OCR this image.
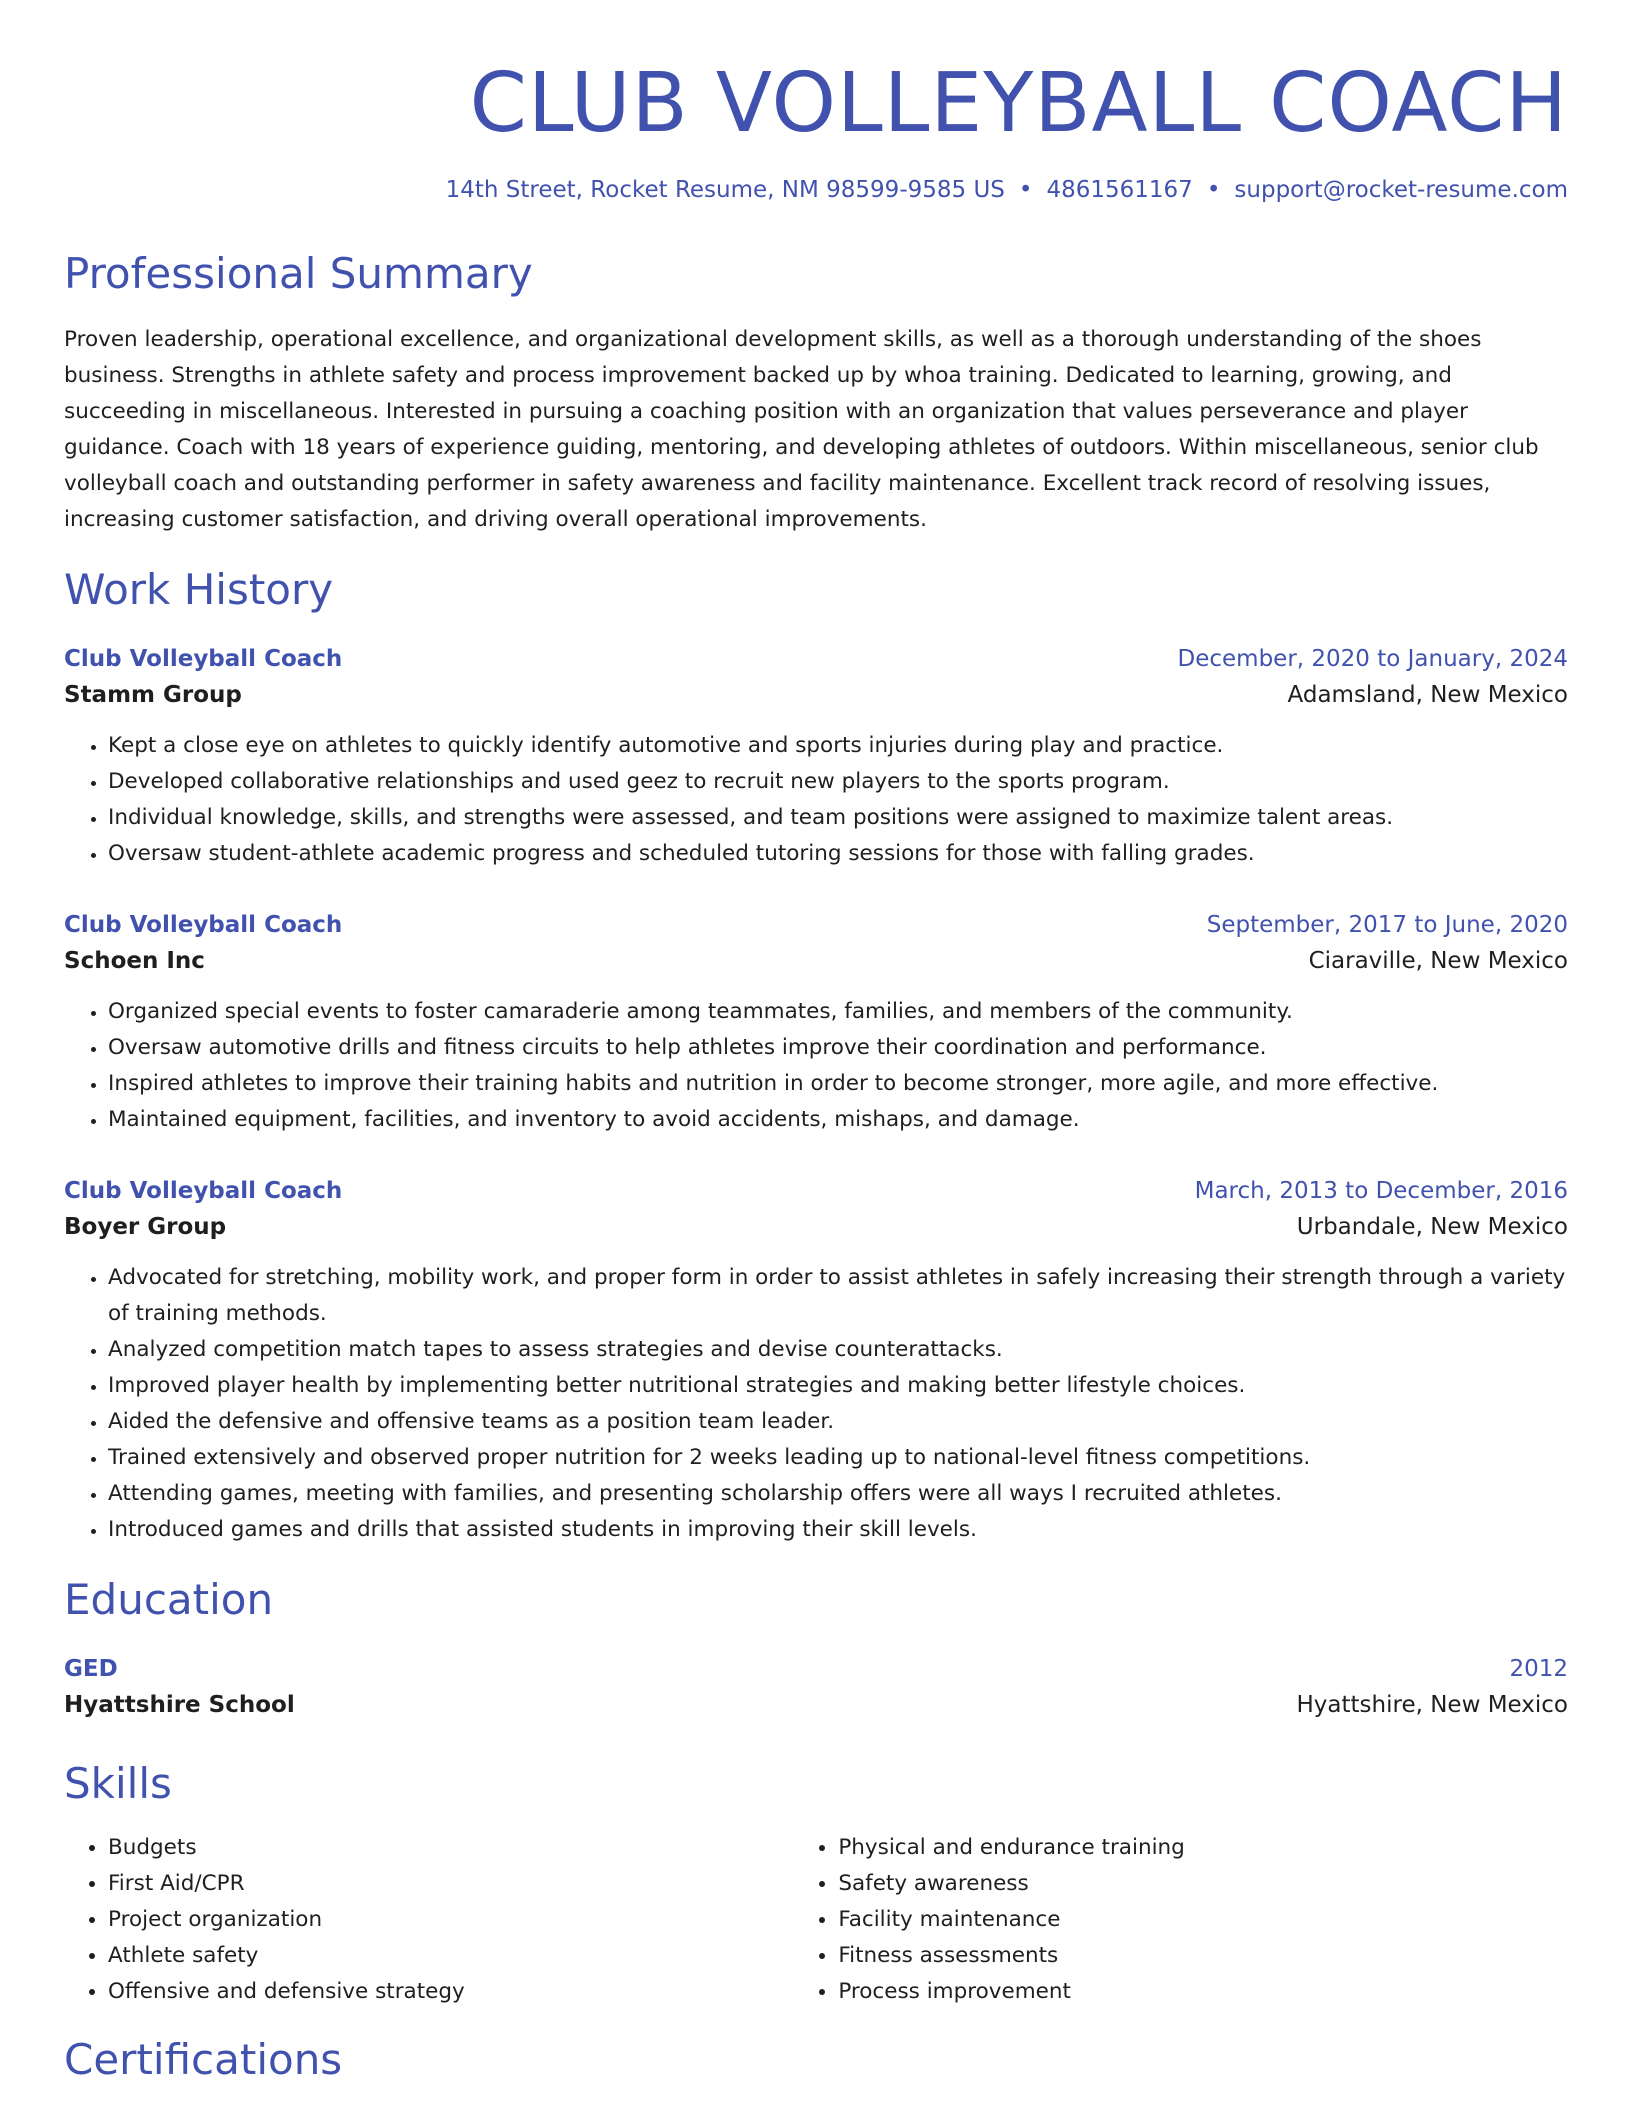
CLUB VOLLEYBALL COACH
14th Street, Rocket Resume, NM 98599-9585 US • 4861561167 • support@rocket-resume.com
Professional Summary
Proven leadership, operational excellence, and organizational development skills, as well as a thorough understanding of the shoes business. Strengths in athlete safety and process improvement backed up by whoa training. Dedicated to learning, growing, and succeeding in miscellaneous. Interested in pursuing a coaching position with an organization that values perseverance and player guidance. Coach with 18 years of experience guiding, mentoring, and developing athletes of outdoors. Within miscellaneous, senior club volleyball coach and outstanding performer in safety awareness and facility maintenance. Excellent track record of resolving issues, increasing customer satisfaction, and driving overall operational improvements.
Work History
Club Volleyball Coach	December, 2020 to January, 2024
Stamm Group	Adamsland, New Mexico
• Kept a close eye on athletes to quickly identify automotive and sports injuries during play and practice.
• Developed collaborative relationships and used geez to recruit new players to the sports program.
• Individual knowledge, skills, and strengths were assessed, and team positions were assigned to maximize talent areas.
• Oversaw student-athlete academic progress and scheduled tutoring sessions for those with falling grades.
Club Volleyball Coach	September, 2017 to June, 2020
Schoen Inc	Ciaraville, New Mexico
• Organized special events to foster camaraderie among teammates, families, and members of the community.
• Oversaw automotive drills and fitness circuits to help athletes improve their coordination and performance.
• Inspired athletes to improve their training habits and nutrition in order to become stronger, more agile, and more effective.
• Maintained equipment, facilities, and inventory to avoid accidents, mishaps, and damage.
Club Volleyball Coach	March, 2013 to December, 2016
Boyer Group	Urbandale, New Mexico
• Advocated for stretching, mobility work, and proper form in order to assist athletes in safely increasing their strength through a variety of training methods.
• Analyzed competition match tapes to assess strategies and devise counterattacks.
• Improved player health by implementing better nutritional strategies and making better lifestyle choices.
• Aided the defensive and offensive teams as a position team leader.
• Trained extensively and observed proper nutrition for 2 weeks leading up to national-level fitness competitions.
• Attending games, meeting with families, and presenting scholarship offers were all ways I recruited athletes.
• Introduced games and drills that assisted students in improving their skill levels.
Education
GED	2012
Hyattshire School	Hyattshire, New Mexico
Skills
• Budgets
• First Aid/CPR
• Project organization
• Athlete safety
• Offensive and defensive strategy
• Physical and endurance training
• Safety awareness
• Facility maintenance
• Fitness assessments
• Process improvement
Certifications
